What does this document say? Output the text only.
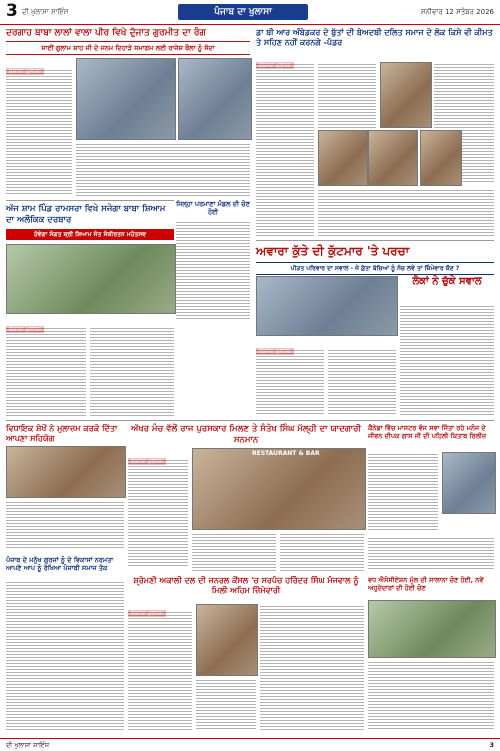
3 ਦੀ ਖੁਲਾਸਾ ਸਾਇੰਸ	ਪੰਜਾਬ ਦਾ ਖੁਲਾਸਾ	ਸ਼ਨੀਵਾਰ 12 ਸਤੰਬਰ 2026
ਦਰਗਾਹ ਬਾਬਾ ਲਾਲਾਂ ਵਾਲਾ ਪੀਰ ਵਿਖੇ ਦੁੱਜਾਤ ਗੁਰਮੀਤ ਦਾ ਰੰਗ
ਸਾਈਂ ਗੁਲਾਮ ਸ਼ਾਹ ਜੀ ਦੇ ਜਨਮ ਦਿਹਾੜੇ ਸਮਾਗਮ ਲਈ ਰਾਜੇਸ਼ ਬੌਲਾ ਨੂੰ ਸੱਦਾ
ਡਾ ਬੀ ਆਰ ਅੰਬੇਡਕਰ ਦੇ ਬੁੱਤਾਂ ਦੀ ਬੇਅਦਬੀ ਦਲਿਤ ਸਮਾਜ ਦੇ ਲੋਕ ਕਿਸੇ ਵੀ ਕੀਮਤ ਤੇ ਸਹਿਣ ਨਹੀਂ ਕਰਨਗੇ -ਪੰਡਰ
ਜਿਲ੍ਹਾ ਪਰਮਾਣਾ ਮੰਡਲ ਦੀ ਚੋਣ ਹੋਈ
ਅੱਜ ਸ਼ਾਮ ਪਿੰਡ ਰਾਮਸਰਾ ਵਿਖੇ ਸਜੇਗਾ ਬਾਬਾ ਸ਼ਿਆਮ ਦਾ ਅਲੌਕਿਕ ਦਰਬਾਰ
ਹੋਵੇਗਾ ਸੰਗਤ ਸ਼੍ਰੀ ਸ਼ਿਆਮ ਜੋਤ ਸੰਕੀਰਤਨ ਮਹੋਤਸਵ
ਅਵਾਰਾ ਕੁੱਤੇ ਦੀ ਕੁੱਟਮਾਰ 'ਤੇ ਪਰਚਾ
ਪੀੜਤ ਪਰਿਵਾਰ ਦਾ ਸਵਾਲ - ਜੇ ਕੁੱਤਾ ਬੱਚਿਆਂ ਨੂੰ ਨੋਚ ਲਵੇ ਤਾਂ ਜ਼ਿੰਮੇਵਾਰ ਕੌਣ ?
ਲੋਕਾਂ ਨੇ ਚੁੱਕੇ ਸਵਾਲ
ਵਿਧਾਇਕ ਸ਼ੇਖੋਂ ਨੇ ਮੁਲਾਜ਼ਮ ਕਰਕੇ ਦਿੱਤਾ ਆਪਣਾ ਸਹਿਯੋਗ
ਅੱਖਰ ਮੰਚ ਵੱਲੋਂ ਰਾਜ ਪੁਰਸਕਾਰ ਮਿਲਣ ਤੇ ਸੰਤੋਖ ਸਿੰਘ ਮੱਲ੍ਹੀ ਦਾ ਯਾਦਗਾਰੀ ਸਨਮਾਨ
RESTAURANT & BAR
ਕੈਨੇਡਾ ਵਿੱਚ ਮਾਸਟਰ ਵੱਜ ਸਵਾ ਜਿੱਤਾ ਰਹੇ ਮਨੋਜ ਦੇ ਜੀਵਨ ਦੀਪਕ ਗਾਸ ਜੀ ਦੀ ਪਹਿਲੀ ਕਿਤਾਬ ਰਿਲੀਜ਼
ਪੰਜਾਬ ਦੇ ਮਨੁੱਖ ਗੁਰਜਾਂ ਨੂੰ ਦੇ ਵਿਕਾਸਾਂ ਨਰਮਤਾ ਆਪਣੇ ਆਪ ਨੂੰ ਰੱਖਿਆ ਪੰਜਾਬੀ ਸਮਾਜ ਤੱਕ
ਸ਼੍ਰੋਮਣੀ ਅਕਾਲੀ ਦਲ ਦੀ ਜਨਰਲ ਕੌਂਸਲ 'ਚ ਸਰਪੰਚ ਹਰਿੰਦਰ ਸਿੰਘ ਮੰਜਵਾਲ ਨੂੰ ਮਿਲੀ ਅਹਿਮ ਜ਼ਿੰਮੇਵਾਰੀ
ਵਧ ਐਸੋਸੀਏਸ਼ਨ ਮੁੱਲ ਦੀ ਸਾਲਾਨਾ ਚੋਣ ਹੋਈ, ਨਵੇਂ ਅਹੁਦੇਦਾਰਾਂ ਦੀ ਹੋਈ ਚੋਣ
ਦੀ ਖੁਲਾਸਾ ਸਾਇੰਸ	3
